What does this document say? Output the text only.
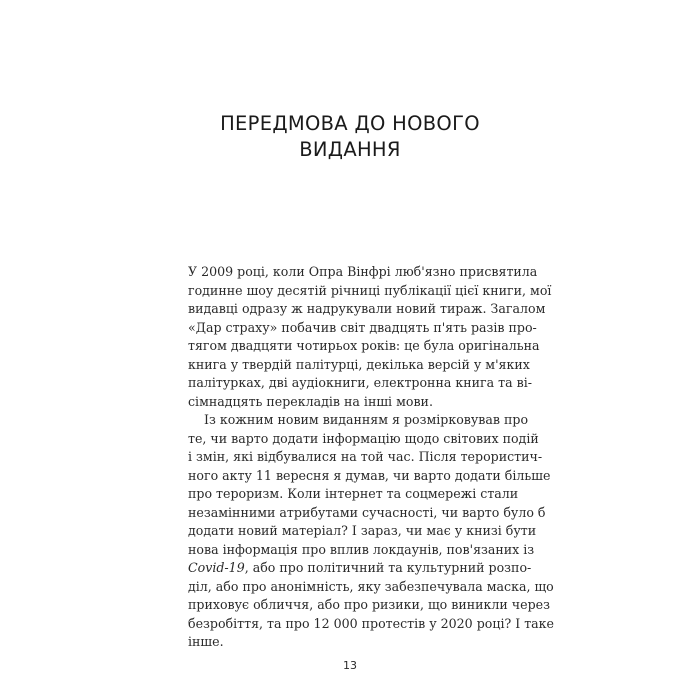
ПЕРЕДМОВА ДО НОВОГО
ВИДАННЯ

У 2009 році, коли Опра Вінфрі люб'язно присвятила
годинне шоу десятій річниці публікації цієї книги, мої
видавці одразу ж надрукували новий тираж. Загалом
«Дар страху» побачив світ двадцять п'ять разів про-
тягом двадцяти чотирьох років: це була оригінальна
книга у твердій палітурці, декілька версій у м'яких
палітурках, дві аудіокниги, електронна книга та ві-
сімнадцять перекладів на інші мови.

Із кожним новим виданням я розмірковував про
те, чи варто додати інформацію щодо світових подій
і змін, які відбувалися на той час. Після терористич-
ного акту 11 вересня я думав, чи варто додати більше
про тероризм. Коли інтернет та соцмережі стали
незамінними атрибутами сучасності, чи варто було б
додати новий матеріал? І зараз, чи має у книзі бути
нова інформація про вплив локдаунів, пов'язаних із
Covid-19, або про політичний та культурний розпо-
діл, або про анонімність, яку забезпечувала маска, що
приховує обличчя, або про ризики, що виникли через
безробіття, та про 12 000 протестів у 2020 році? І таке
інше.

13
